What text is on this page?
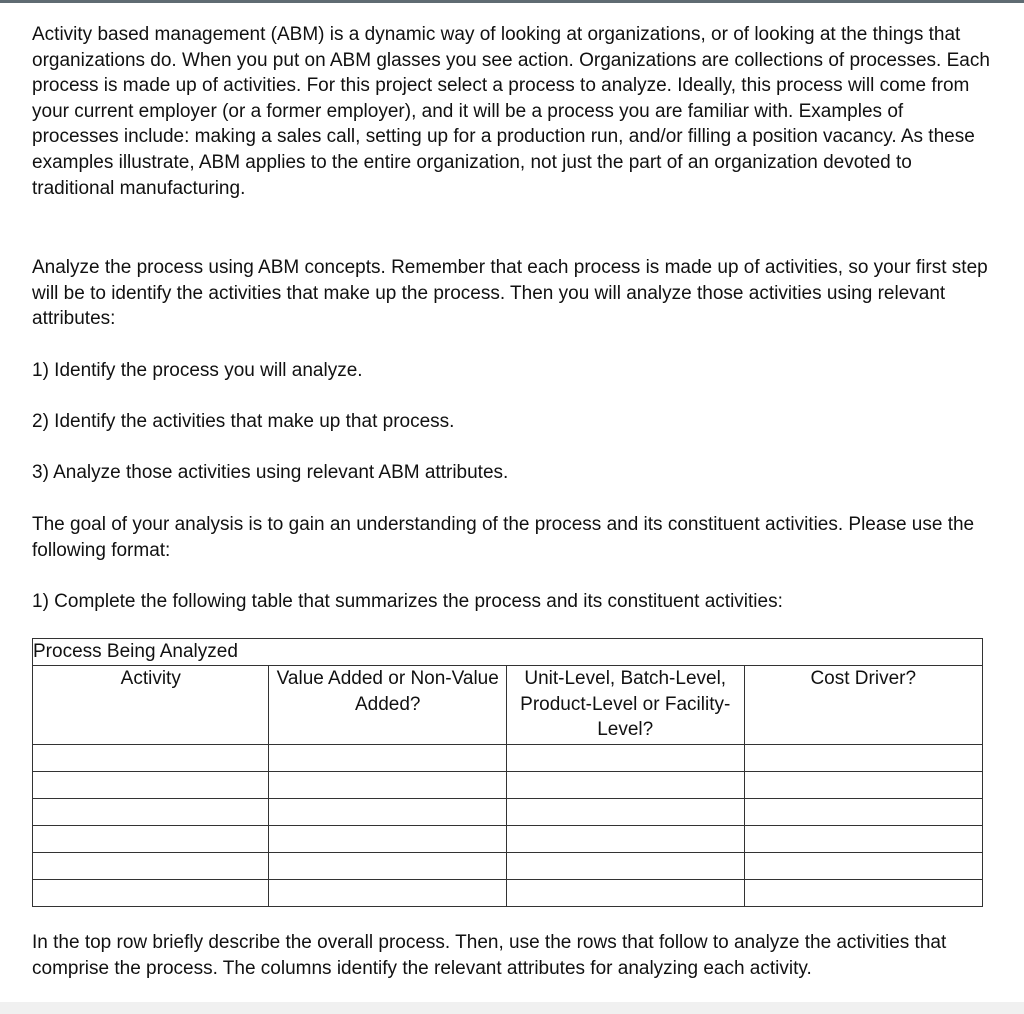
Activity based management (ABM) is a dynamic way of looking at organizations, or of looking at the things that organizations do. When you put on ABM glasses you see action. Organizations are collections of processes. Each process is made up of activities. For this project select a process to analyze. Ideally, this process will come from your current employer (or a former employer), and it will be a process you are familiar with. Examples of processes include: making a sales call, setting up for a production run, and/or filling a position vacancy. As these examples illustrate, ABM applies to the entire organization, not just the part of an organization devoted to traditional manufacturing.

Analyze the process using ABM concepts. Remember that each process is made up of activities, so your first step will be to identify the activities that make up the process. Then you will analyze those activities using relevant attributes:

1) Identify the process you will analyze.

2) Identify the activities that make up that process.

3) Analyze those activities using relevant ABM attributes.

The goal of your analysis is to gain an understanding of the process and its constituent activities. Please use the following format:

1) Complete the following table that summarizes the process and its constituent activities:

In the top row briefly describe the overall process. Then, use the rows that follow to analyze the activities that comprise the process. The columns identify the relevant attributes for analyzing each activity.

Process Being Analyzed			
Activity	Value Added or Non-Value Added?	Unit-Level, Batch-Level, Product-Level or Facility-Level?	Cost Driver?
